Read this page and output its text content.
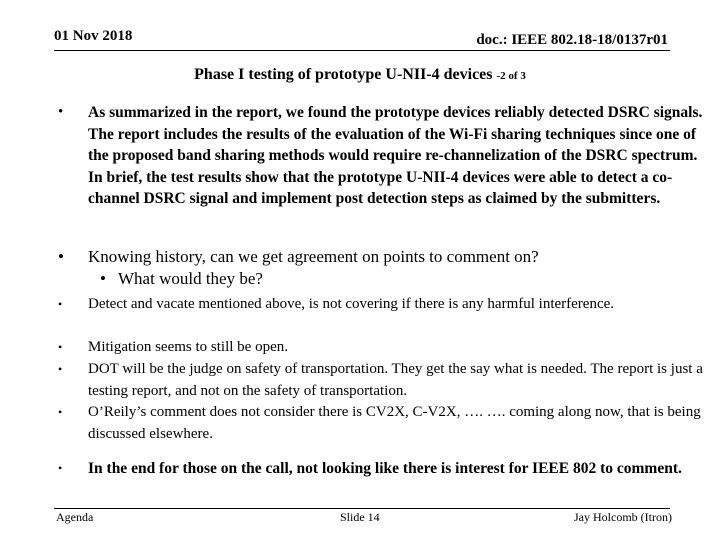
01 Nov 2018	doc.: IEEE 802.18-18/0137r01
Phase I testing of prototype U-NII-4 devices -2 of 3
•	As summarized in the report, we found the prototype devices reliably detected DSRC signals. The report includes the results of the evaluation of the Wi-Fi sharing techniques since one of the proposed band sharing methods would require re-channelization of the DSRC spectrum. In brief, the test results show that the prototype U-NII-4 devices were able to detect a co-channel DSRC signal and implement post detection steps as claimed by the submitters.
•	Knowing history, can we get agreement on points to comment on?
• What would they be?
•	Detect and vacate mentioned above, is not covering if there is any harmful interference.
•	Mitigation seems to still be open.
•	DOT will be the judge on safety of transportation. They get the say what is needed. The report is just a testing report, and not on the safety of transportation.
•	O’Reily’s comment does not consider there is CV2X, C-V2X, …. …. coming along now, that is being discussed elsewhere.
•	In the end for those on the call, not looking like there is interest for IEEE 802 to comment.
Agenda	Slide 14	Jay Holcomb (Itron)
